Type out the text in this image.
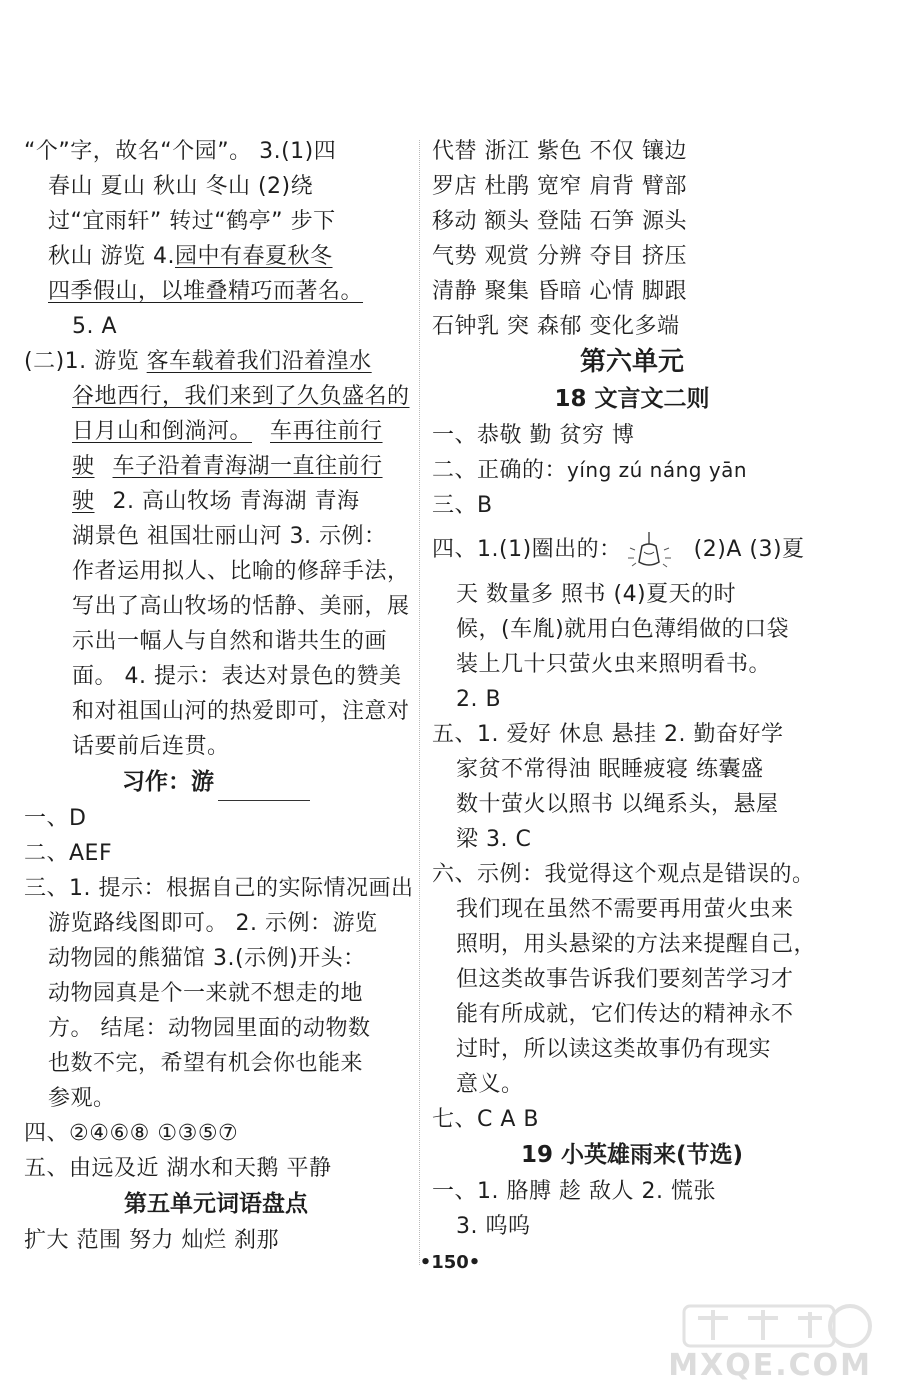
“个”字，故名“个园”。 3.(1)四
春山 夏山 秋山 冬山 (2)绕
过“宜雨轩” 转过“鹤亭” 步下
秋山 游览 4.园中有春夏秋冬
四季假山，以堆叠精巧而著名。
5. A
(二)1. 游览 客车载着我们沿着湟水
谷地西行，我们来到了久负盛名的
日月山和倒淌河。 车再往前行
驶 车子沿着青海湖一直往前行
驶 2. 高山牧场 青海湖 青海
湖景色 祖国壮丽山河 3. 示例：
作者运用拟人、比喻的修辞手法，
写出了高山牧场的恬静、美丽，展
示出一幅人与自然和谐共生的画
面。 4. 提示：表达对景色的赞美
和对祖国山河的热爱即可，注意对
话要前后连贯。
习作：游
一、D
二、AEF
三、1. 提示：根据自己的实际情况画出
游览路线图即可。 2. 示例：游览
动物园的熊猫馆 3.(示例)开头：
动物园真是个一来就不想走的地
方。 结尾：动物园里面的动物数
也数不完，希望有机会你也能来
参观。
四、②④⑥⑧ ①③⑤⑦
五、由远及近 湖水和天鹅 平静
第五单元词语盘点
扩大 范围 努力 灿烂 刹那
代替 浙江 紫色 不仅 镶边
罗店 杜鹃 宽窄 肩背 臂部
移动 额头 登陆 石笋 源头
气势 观赏 分辨 夺目 挤压
清静 聚集 昏暗 心情 脚跟
石钟乳 突 森郁 变化多端
第六单元
18 文言文二则
一、恭敬 勤 贫穷 博
二、正确的：yíng zú náng yān
三、B
四、1.(1)圈出的：	(2)A (3)夏
天 数量多 照书 (4)夏天的时
候，(车胤)就用白色薄绢做的口袋
装上几十只萤火虫来照明看书。
2. B
五、1. 爱好 休息 悬挂 2. 勤奋好学
家贫不常得油 眠睡疲寝 练囊盛
数十萤火以照书 以绳系头，悬屋
梁 3. C
六、示例：我觉得这个观点是错误的。
我们现在虽然不需要再用萤火虫来
照明，用头悬梁的方法来提醒自己，
但这类故事告诉我们要刻苦学习才
能有所成就，它们传达的精神永不
过时，所以读这类故事仍有现实
意义。
七、C A B
19 小英雄雨来(节选)
一、1. 胳膊 趁 敌人 2. 慌张
3. 呜呜
•150•
MXQE.COM
